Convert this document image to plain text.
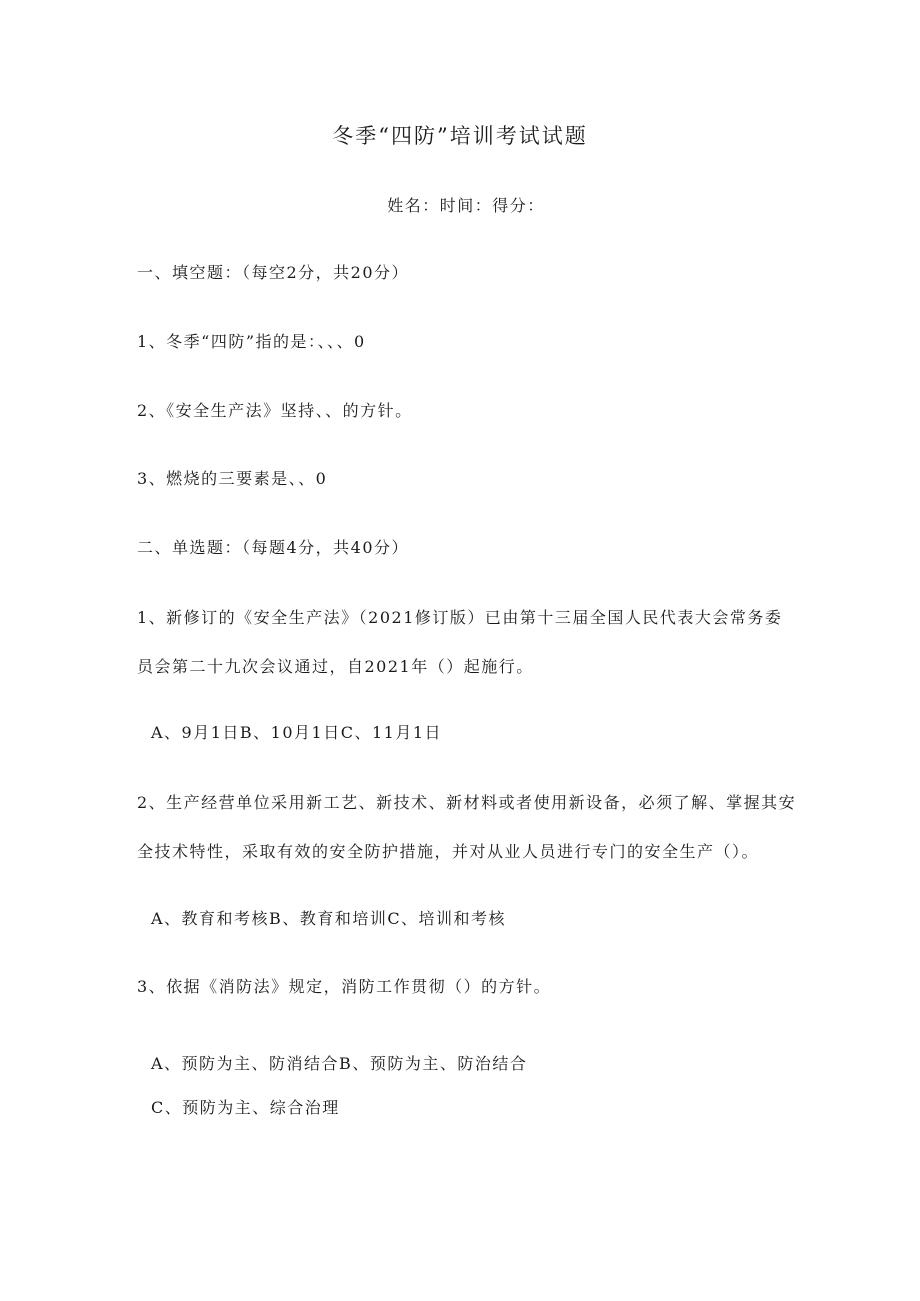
冬季“四防”培训考试试题
姓名：时间：得分：
一、填空题：（每空2分，共20分）
1、冬季“四防”指的是：、、、0
2、《安全生产法》坚持、、的方针。
3、燃烧的三要素是、、0
二、单选题：（每题4分，共40分）
1、新修订的《安全生产法》（2021修订版）已由第十三届全国人民代表大会常务委
员会第二十九次会议通过，自2021年（）起施行。
A、9月1日B、10月1日C、11月1日
2、生产经营单位采用新工艺、新技术、新材料或者使用新设备，必须了解、掌握其安
全技术特性，采取有效的安全防护措施，并对从业人员进行专门的安全生产（）。
A、教育和考核B、教育和培训C、培训和考核
3、依据《消防法》规定，消防工作贯彻（）的方针。
A、预防为主、防消结合B、预防为主、防治结合
C、预防为主、综合治理
